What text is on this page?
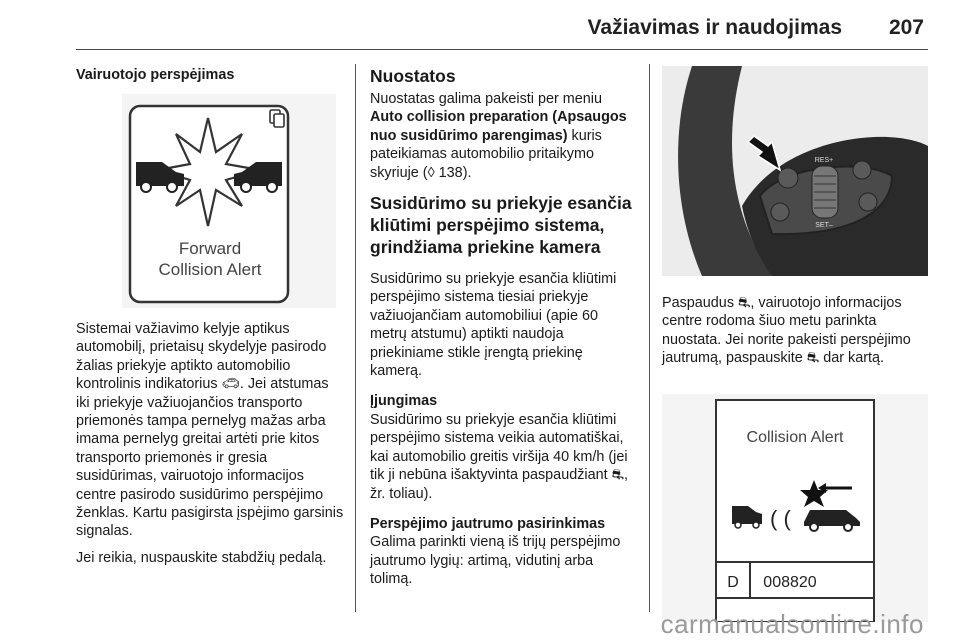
Važiavimas ir naudojimas 207
Vairuotojo perspėjimas
Forward
Collision Alert

Sistemai važiavimo kelyje aptikus automobilį, prietaisų skydelyje pasirodo žalias priekyje aptikto automobilio kontrolinis indikatorius 🚗︎. Jei atstumas iki priekyje važiuojančios transporto priemonės tampa pernelyg mažas arba imama pernelyg greitai artėti prie kitos transporto priemonės ir gresia susidūrimas, vairuotojo informacijos centre pasirodo susidūrimo perspėjimo ženklas. Kartu pasigirsta įspėjimo garsinis signalas.

Jei reikia, nuspauskite stabdžių pedalą.

Nuostatos

Nuostatas galima pakeisti per meniu Auto collision preparation (Apsaugos nuo susidūrimo parengimas) kuris pateikiamas automobilio pritaikymo skyriuje (◊ 138).

Susidūrimo su priekyje esančia kliūtimi perspėjimo sistema, grindžiama priekine kamera

Susidūrimo su priekyje esančia kliūtimi perspėjimo sistema tiesiai priekyje važiuojančiam automobiliui (apie 60 metrų atstumu) aptikti naudoja priekiniame stikle įrengtą priekinę kamerą.

Įjungimas

Susidūrimo su priekyje esančia kliūtimi perspėjimo sistema veikia automatiškai, kai automobilio greitis viršija 40 km/h (jei tik ji nebūna išaktyvinta paspaudžiant ⛐, žr. toliau).

Perspėjimo jautrumo pasirinkimas

Galima parinkti vieną iš trijų perspėjimo jautrumo lygių: artimą, vidutinį arba tolimą.

RES+
SET–

Paspaudus ⛐, vairuotojo informacijos centre rodoma šiuo metu parinkta nuostata. Jei norite pakeisti perspėjimo jautrumą, paspauskite ⛐ dar kartą.

Collision Alert
( (
D 008820
carmanualsonline.info
